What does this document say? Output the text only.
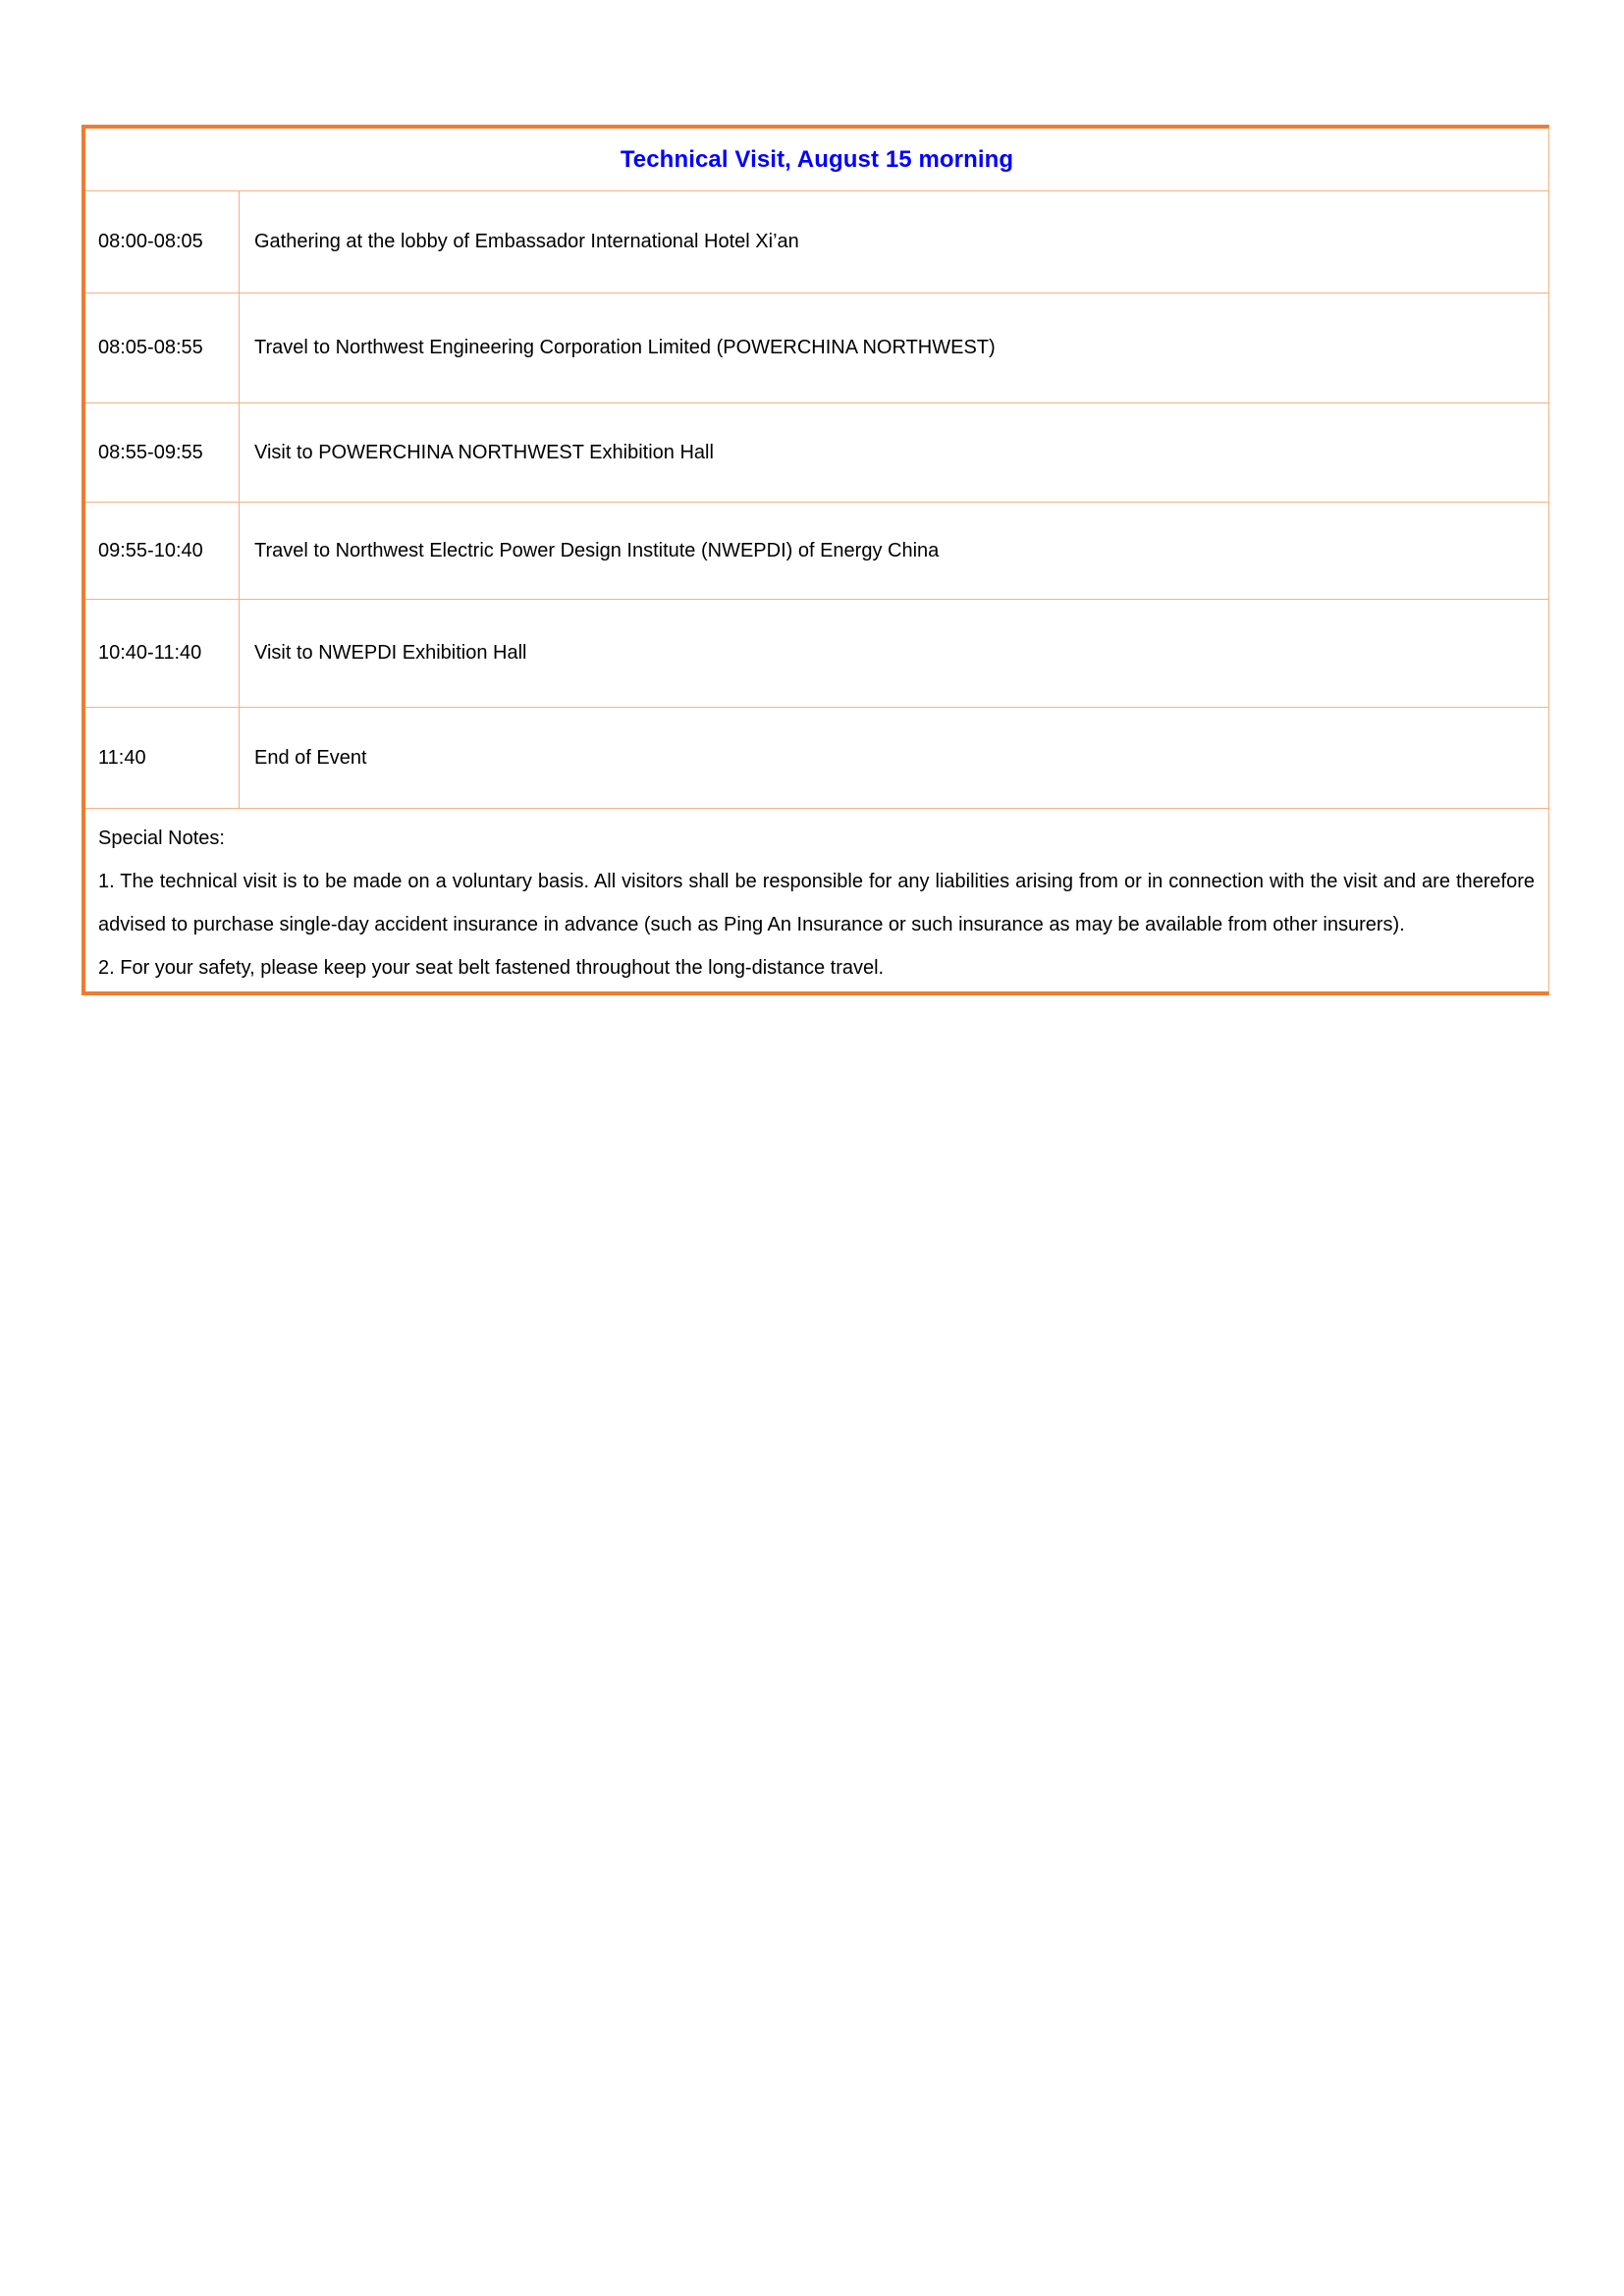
Technical Visit, August 15 morning
08:00-08:05	Gathering at the lobby of Embassador International Hotel Xi’an
08:05-08:55	Travel to Northwest Engineering Corporation Limited (POWERCHINA NORTHWEST)
08:55-09:55	Visit to POWERCHINA NORTHWEST Exhibition Hall
09:55-10:40	Travel to Northwest Electric Power Design Institute (NWEPDI) of Energy China
10:40-11:40	Visit to NWEPDI Exhibition Hall
11:40	End of Event

Special Notes:

1. The technical visit is to be made on a voluntary basis. All visitors shall be responsible for any liabilities arising from or in connection with the visit and are therefore advised to purchase single-day accident insurance in advance (such as Ping An Insurance or such insurance as may be available from other insurers).

2. For your safety, please keep your seat belt fastened throughout the long-distance travel.
